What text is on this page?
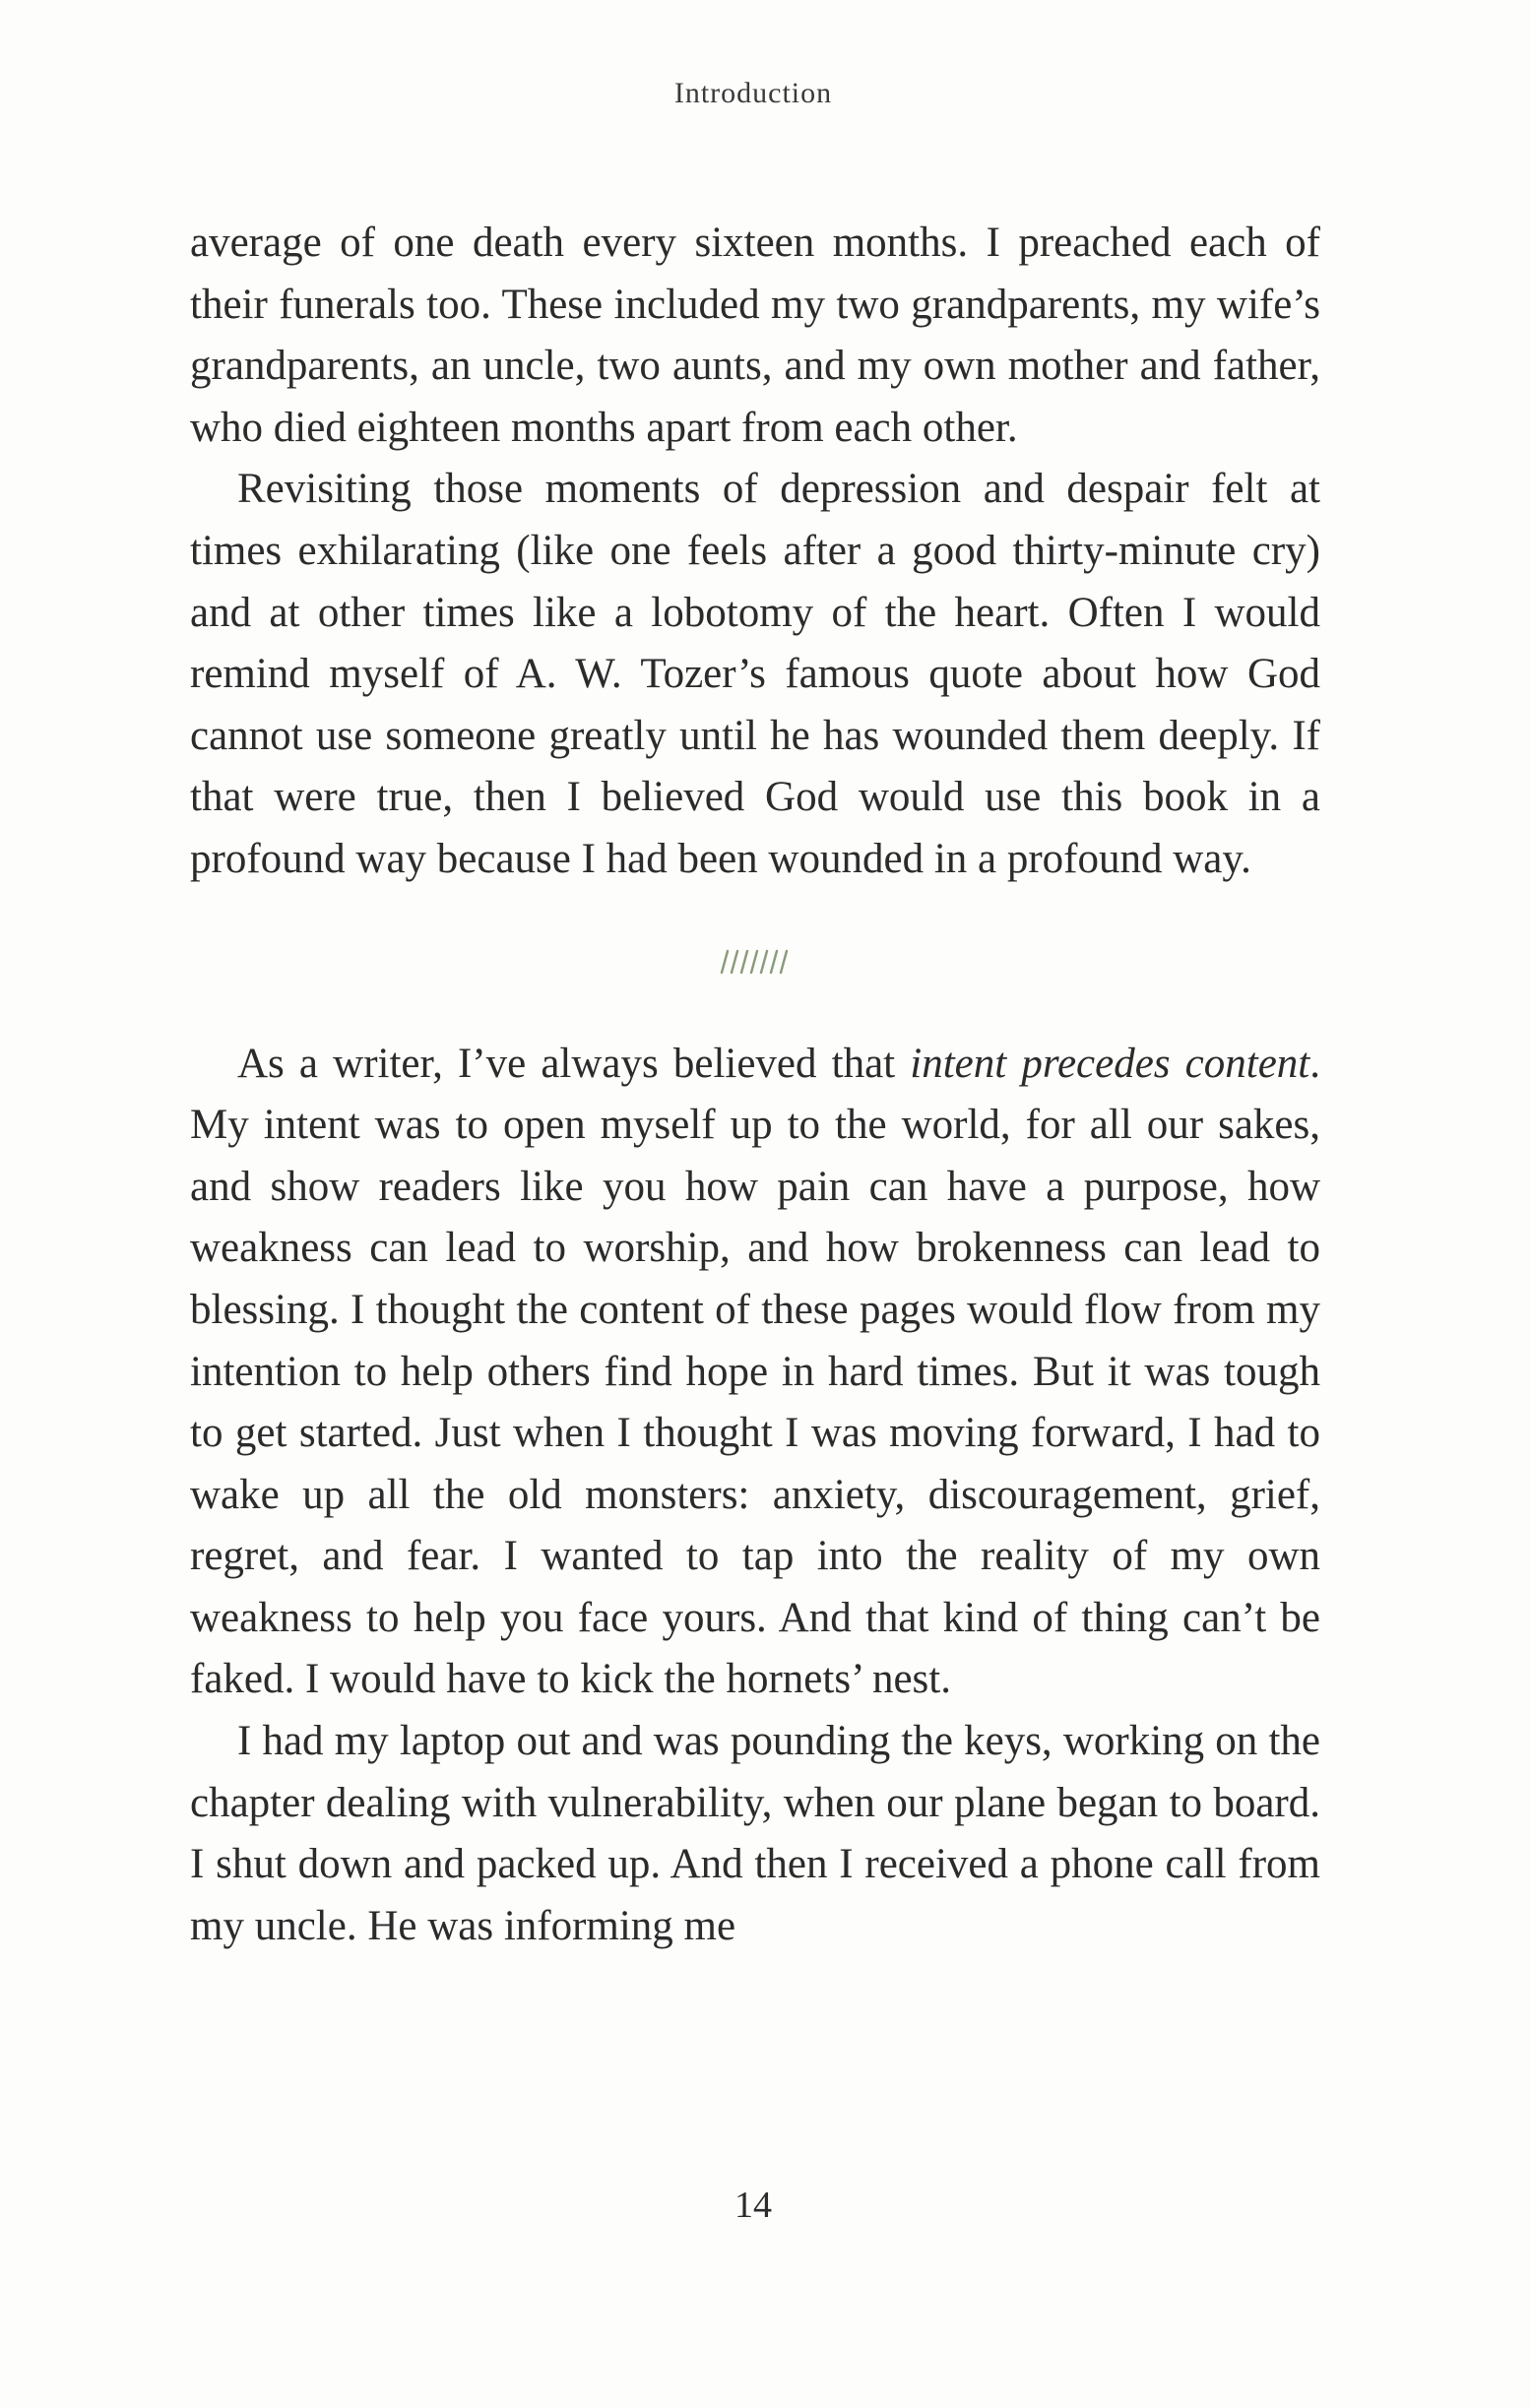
Introduction

average of one death every sixteen months. I preached each of their funerals too. These included my two grandparents, my wife’s grandparents, an uncle, two aunts, and my own mother and father, who died eighteen months apart from each other.

Revisiting those moments of depression and despair felt at times exhilarating (like one feels after a good thirty-minute cry) and at other times like a lobotomy of the heart. Often I would remind myself of A. W. Tozer’s famous quote about how God cannot use someone greatly until he has wounded them deeply. If that were true, then I believed God would use this book in a profound way because I had been wounded in a profound way.

As a writer, I’ve always believed that intent precedes content. My intent was to open myself up to the world, for all our sakes, and show readers like you how pain can have a purpose, how weakness can lead to worship, and how brokenness can lead to blessing. I thought the content of these pages would flow from my intention to help others find hope in hard times. But it was tough to get started. Just when I thought I was moving forward, I had to wake up all the old monsters: anxiety, discouragement, grief, regret, and fear. I wanted to tap into the reality of my own weakness to help you face yours. And that kind of thing can’t be faked. I would have to kick the hornets’ nest.

I had my laptop out and was pounding the keys, working on the chapter dealing with vulnerability, when our plane began to board. I shut down and packed up. And then I received a phone call from my uncle. He was informing me

14
